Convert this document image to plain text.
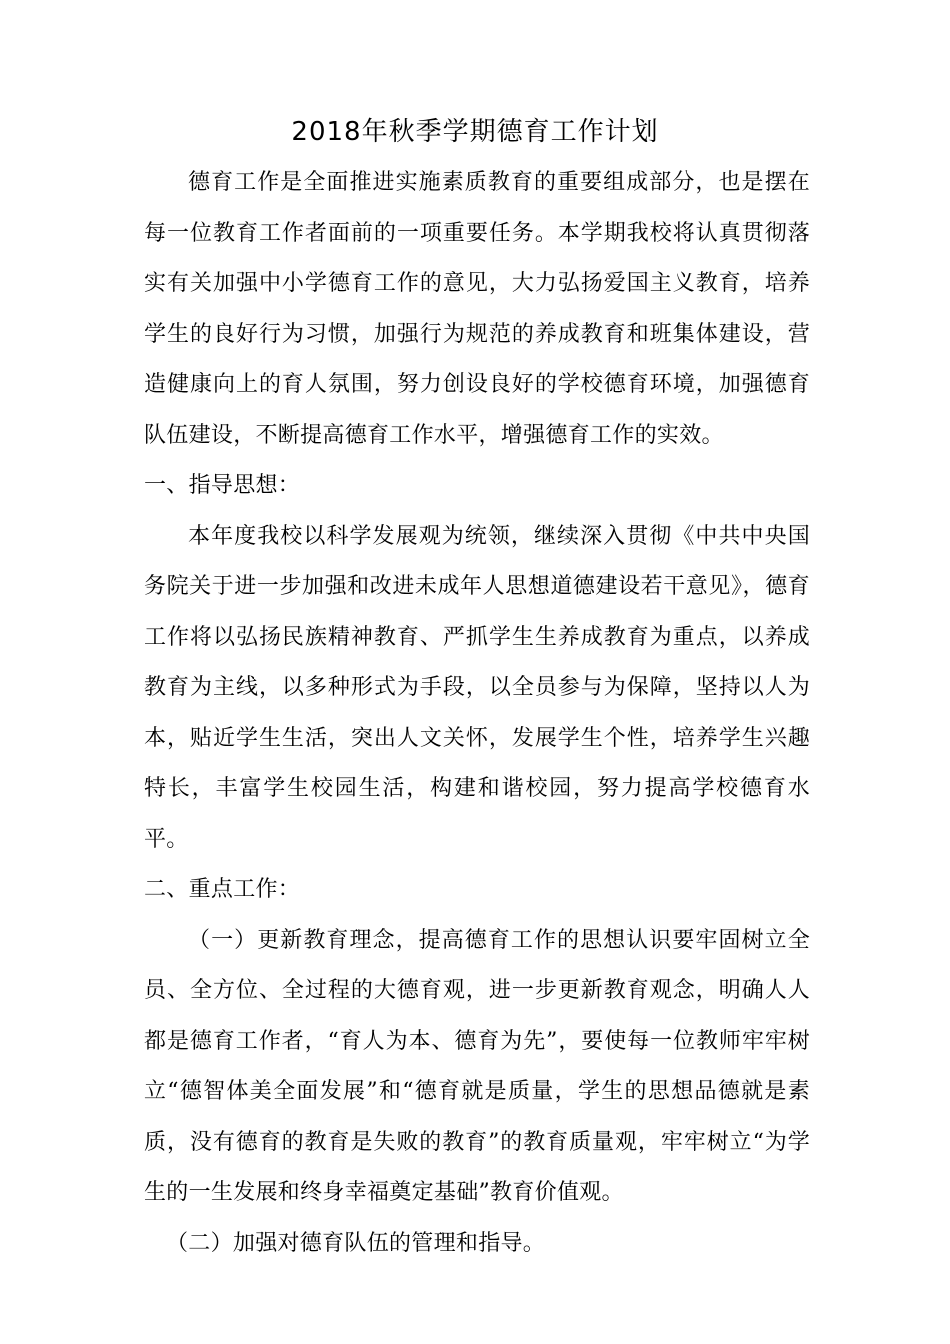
2018年秋季学期德育工作计划

德育工作是全面推进实施素质教育的重要组成部分，也是摆在每一位教育工作者面前的一项重要任务。本学期我校将认真贯彻落实有关加强中小学德育工作的意见，大力弘扬爱国主义教育，培养学生的良好行为习惯，加强行为规范的养成教育和班集体建设，营造健康向上的育人氛围，努力创设良好的学校德育环境，加强德育队伍建设，不断提高德育工作水平，增强德育工作的实效。

一、指导思想：

本年度我校以科学发展观为统领，继续深入贯彻《中共中央国务院关于进一步加强和改进未成年人思想道德建设若干意见》，德育工作将以弘扬民族精神教育、严抓学生生养成教育为重点，以养成教育为主线，以多种形式为手段，以全员参与为保障，坚持以人为本，贴近学生生活，突出人文关怀，发展学生个性，培养学生兴趣特长，丰富学生校园生活，构建和谐校园，努力提高学校德育水平。

二、重点工作：

（一）更新教育理念，提高德育工作的思想认识要牢固树立全员、全方位、全过程的大德育观，进一步更新教育观念，明确人人都是德育工作者，“育人为本、德育为先”，要使每一位教师牢牢树立“德智体美全面发展”和“德育就是质量，学生的思想品德就是素质，没有德育的教育是失败的教育”的教育质量观，牢牢树立“为学生的一生发展和终身幸福奠定基础”教育价值观。

（二）加强对德育队伍的管理和指导。
